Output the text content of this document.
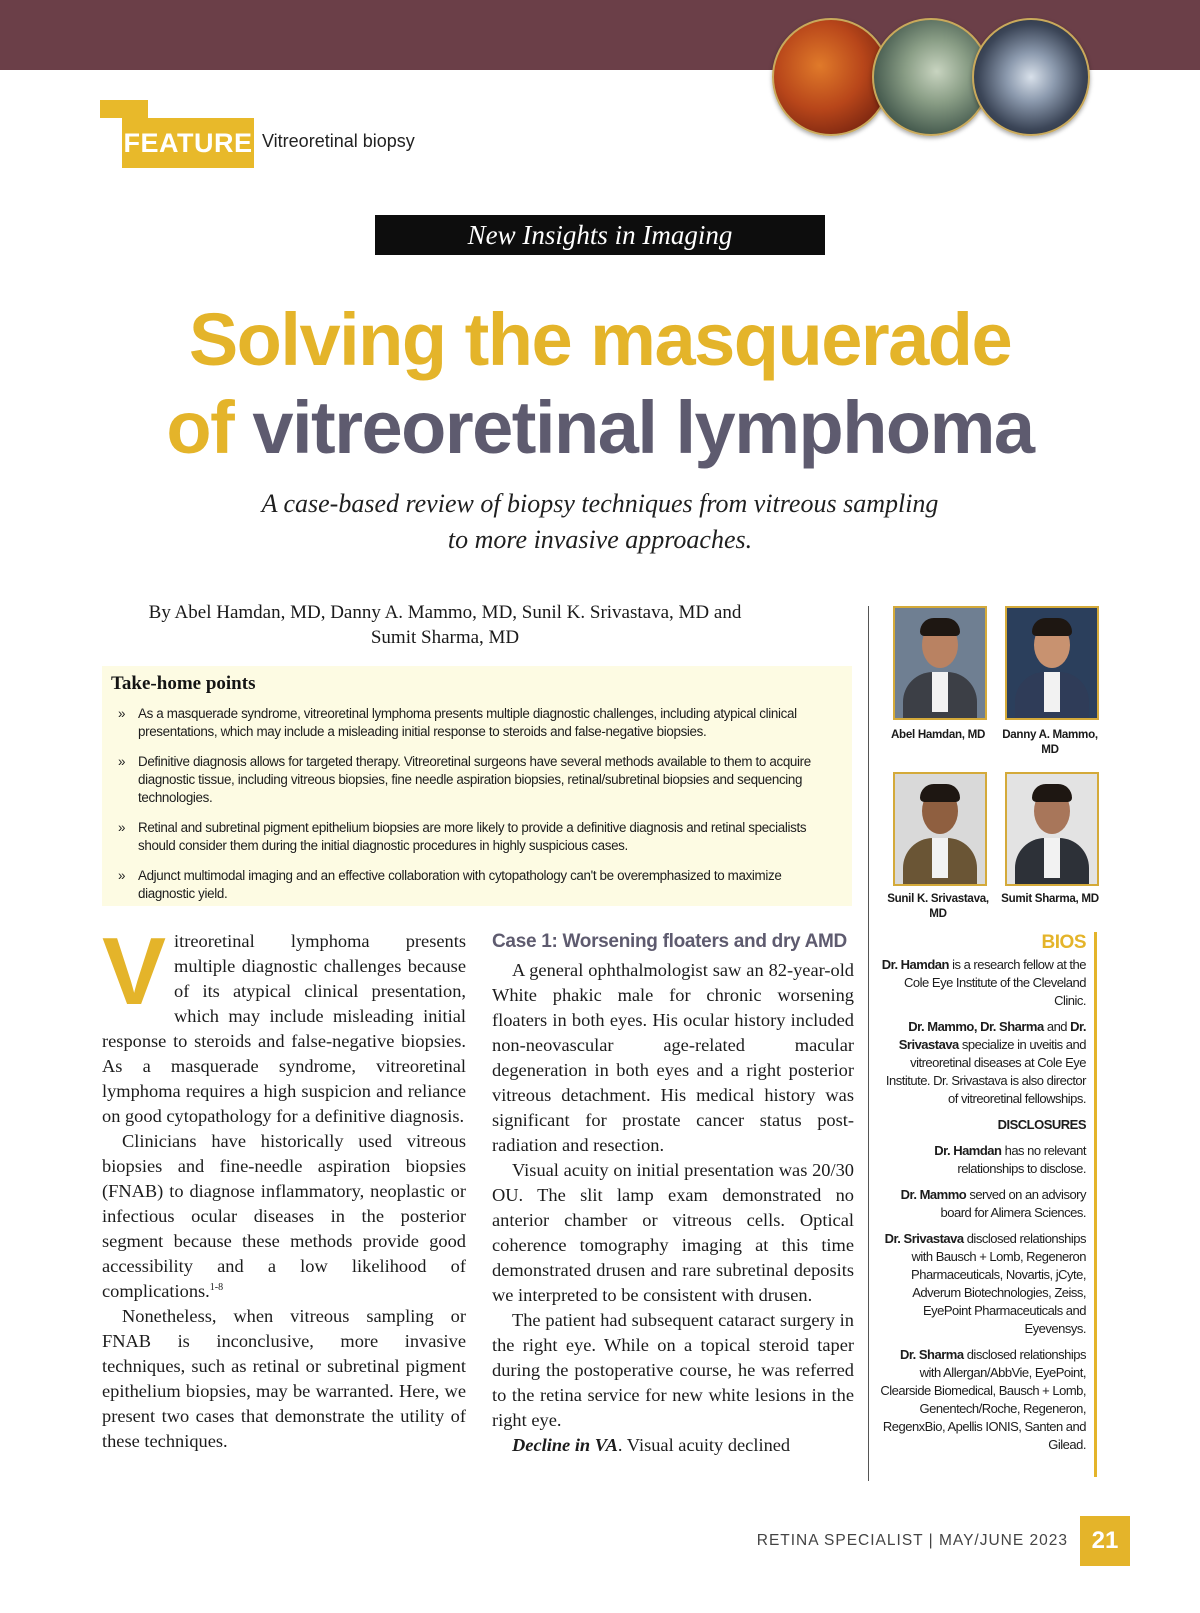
FEATURE Vitreoretinal biopsy
New Insights in Imaging
Solving the masquerade
of vitreoretinal lymphoma
A case-based review of biopsy techniques from vitreous sampling
to more invasive approaches.
By Abel Hamdan, MD, Danny A. Mammo, MD, Sunil K. Srivastava, MD and
Sumit Sharma, MD
Take-home points
» As a masquerade syndrome, vitreoretinal lymphoma presents multiple diagnostic challenges, including atypical clinical presentations, which may include a misleading initial response to steroids and false-negative biopsies.
» Definitive diagnosis allows for targeted therapy. Vitreoretinal surgeons have several methods available to them to acquire diagnostic tissue, including vitreous biopsies, fine needle aspiration biopsies, retinal/subretinal biopsies and sequencing technologies.
» Retinal and subretinal pigment epithelium biopsies are more likely to provide a definitive diagnosis and retinal specialists should consider them during the initial diagnostic procedures in highly suspicious cases.
» Adjunct multimodal imaging and an effective collaboration with cytopathology can't be overemphasized to maximize diagnostic yield.

Vitreoretinal lymphoma presents multiple diagnostic challenges because of its atypical clinical presentation, which may include misleading initial response to steroids and false-negative biopsies. As a masquerade syndrome, vitreoretinal lymphoma requires a high suspicion and reliance on good cytopathology for a definitive diagnosis.

Clinicians have historically used vitreous biopsies and fine-needle aspiration biopsies (FNAB) to diagnose inflammatory, neoplastic or infectious ocular diseases in the posterior segment because these methods provide good accessibility and a low likelihood of complications.$^{1-8}$

Nonetheless, when vitreous sampling or FNAB is inconclusive, more invasive techniques, such as retinal or subretinal pigment epithelium biopsies, may be warranted. Here, we present two cases that demonstrate the utility of these techniques.

Case 1: Worsening floaters and dry AMD

A general ophthalmologist saw an 82-year-old White phakic male for chronic worsening floaters in both eyes. His ocular history included non-neovascular age-related macular degeneration in both eyes and a right posterior vitreous detachment. His medical history was significant for prostate cancer status post-radiation and resection.

Visual acuity on initial presentation was 20/30 OU. The slit lamp exam demonstrated no anterior chamber or vitreous cells. Optical coherence tomography imaging at this time demonstrated drusen and rare subretinal deposits we interpreted to be consistent with drusen.

The patient had subsequent cataract surgery in the right eye. While on a topical steroid taper during the postoperative course, he was referred to the retina service for new white lesions in the right eye.

Decline in VA. Visual acuity declined

Abel Hamdan, MD	Danny A. Mammo, MD
Sunil K. Srivastava, MD
Sumit Sharma, MD
BIOS

Dr. Hamdan is a research fellow at the Cole Eye Institute of the Cleveland Clinic.

Dr. Mammo, Dr. Sharma and Dr. Srivastava specialize in uveitis and vitreoretinal diseases at Cole Eye Institute. Dr. Srivastava is also director of vitreoretinal fellowships.

DISCLOSURES

Dr. Hamdan has no relevant relationships to disclose.

Dr. Mammo served on an advisory board for Alimera Sciences.

Dr. Srivastava disclosed relationships with Bausch + Lomb, Regeneron Pharmaceuticals, Novartis, jCyte, Adverum Biotechnologies, Zeiss, EyePoint Pharmaceuticals and Eyevensys.

Dr. Sharma disclosed relationships with Allergan/AbbVie, EyePoint, Clearside Biomedical, Bausch + Lomb, Genentech/Roche, Regeneron, RegenxBio, Apellis IONIS, Santen and Gilead.

RETINA SPECIALIST | MAY/JUNE 2023 21
